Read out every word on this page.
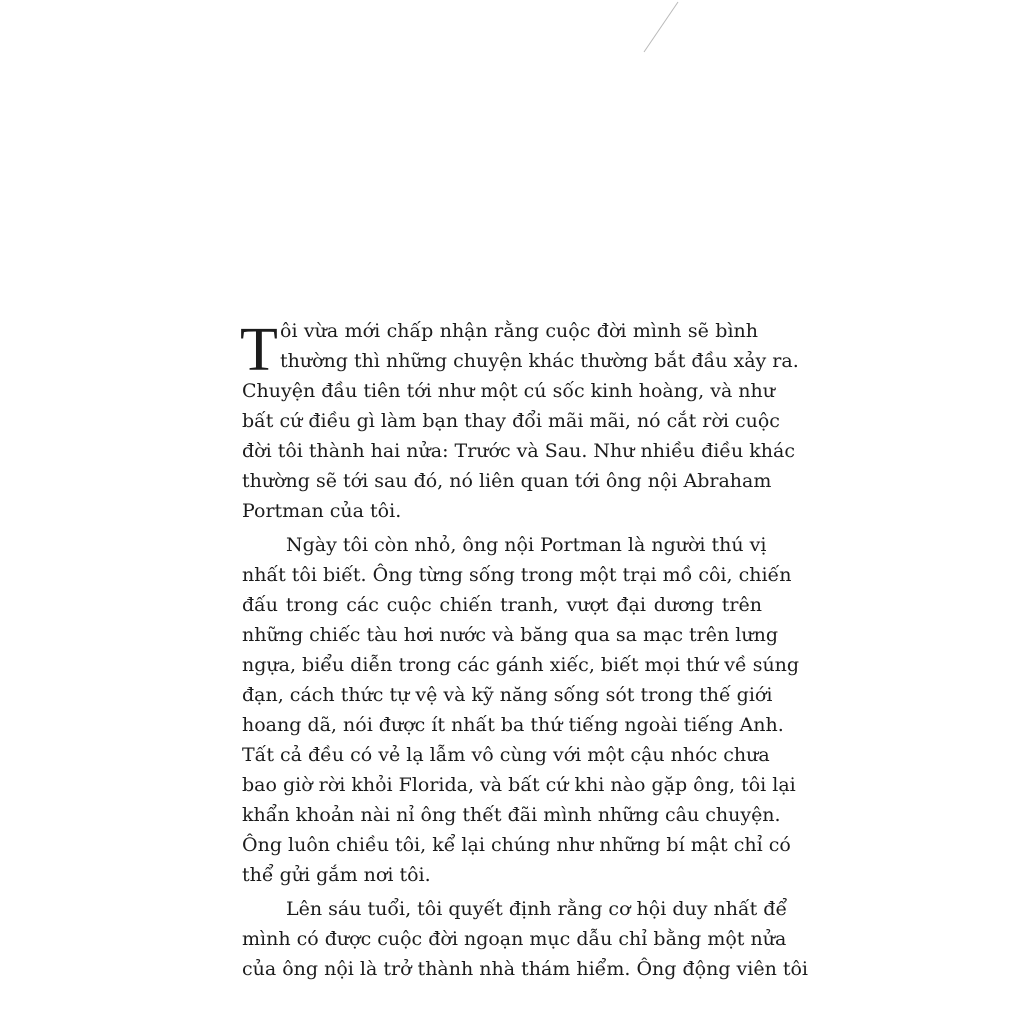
T ôi vừa mới chấp nhận rằng cuộc đời mình sẽ bình
thường thì những chuyện khác thường bắt đầu xảy ra.
Chuyện đầu tiên tới như một cú sốc kinh hoàng, và như
bất cứ điều gì làm bạn thay đổi mãi mãi, nó cắt rời cuộc
đời tôi thành hai nửa: Trước và Sau. Như nhiều điều khác
thường sẽ tới sau đó, nó liên quan tới ông nội Abraham
Portman của tôi.
Ngày tôi còn nhỏ, ông nội Portman là người thú vị
nhất tôi biết. Ông từng sống trong một trại mồ côi, chiến
đấu trong các cuộc chiến tranh, vượt đại dương trên
những chiếc tàu hơi nước và băng qua sa mạc trên lưng
ngựa, biểu diễn trong các gánh xiếc, biết mọi thứ về súng
đạn, cách thức tự vệ và kỹ năng sống sót trong thế giới
hoang dã, nói được ít nhất ba thứ tiếng ngoài tiếng Anh.
Tất cả đều có vẻ lạ lẫm vô cùng với một cậu nhóc chưa
bao giờ rời khỏi Florida, và bất cứ khi nào gặp ông, tôi lại
khẩn khoản nài nỉ ông thết đãi mình những câu chuyện.
Ông luôn chiều tôi, kể lại chúng như những bí mật chỉ có
thể gửi gắm nơi tôi.
Lên sáu tuổi, tôi quyết định rằng cơ hội duy nhất để
mình có được cuộc đời ngoạn mục dẫu chỉ bằng một nửa
của ông nội là trở thành nhà thám hiểm. Ông động viên tôi
